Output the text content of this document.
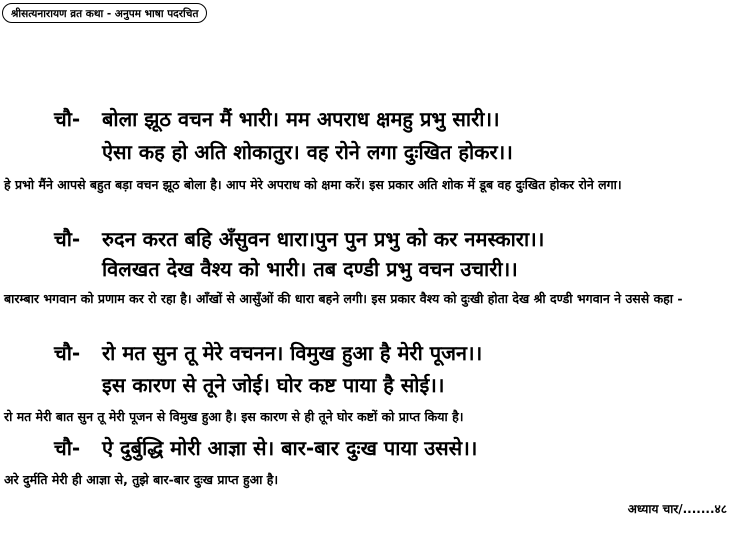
श्रीसत्यनारायण व्रत कथा - अनुपम भाषा पदरचित
चौ- बोला झूठ वचन मैं भारी। मम अपराध क्षमहु प्रभु सारी।।
ऐसा कह हो अति शोकातुर। वह रोने लगा दुःखित होकर।।
हे प्रभो मैंने आपसे बहुत बड़ा वचन झूठ बोला है। आप मेरे अपराध को क्षमा करें। इस प्रकार अति शोक में डूब वह दुःखित होकर रोने लगा।
चौ- रुदन करत बहि अँसुवन धारा।पुन पुन प्रभु को कर नमस्कारा।।
विलखत देख वैश्य को भारी। तब दण्डी प्रभु वचन उचारी।।
बारम्बार भगवान को प्रणाम कर रो रहा है। आँखों से आसुँओं की धारा बहने लगी। इस प्रकार वैश्य को दुःखी होता देख श्री दण्डी भगवान ने उससे कहा -
चौ- रो मत सुन तू मेरे वचनन। विमुख हुआ है मेरी पूजन।।
इस कारण से तूने जोई। घोर कष्ट पाया है सोई।।
रो मत मेरी बात सुन तू मेरी पूजन से विमुख हुआ है। इस कारण से ही तूने घोर कष्टों को प्राप्त किया है।
चौ- ऐ दुर्बुद्धि मोरी आज्ञा से। बार-बार दुःख पाया उससे।।
अरे दुर्मति मेरी ही आज्ञा से, तुझे बार-बार दुःख प्राप्त हुआ है।
अध्याय चार/.......४८
